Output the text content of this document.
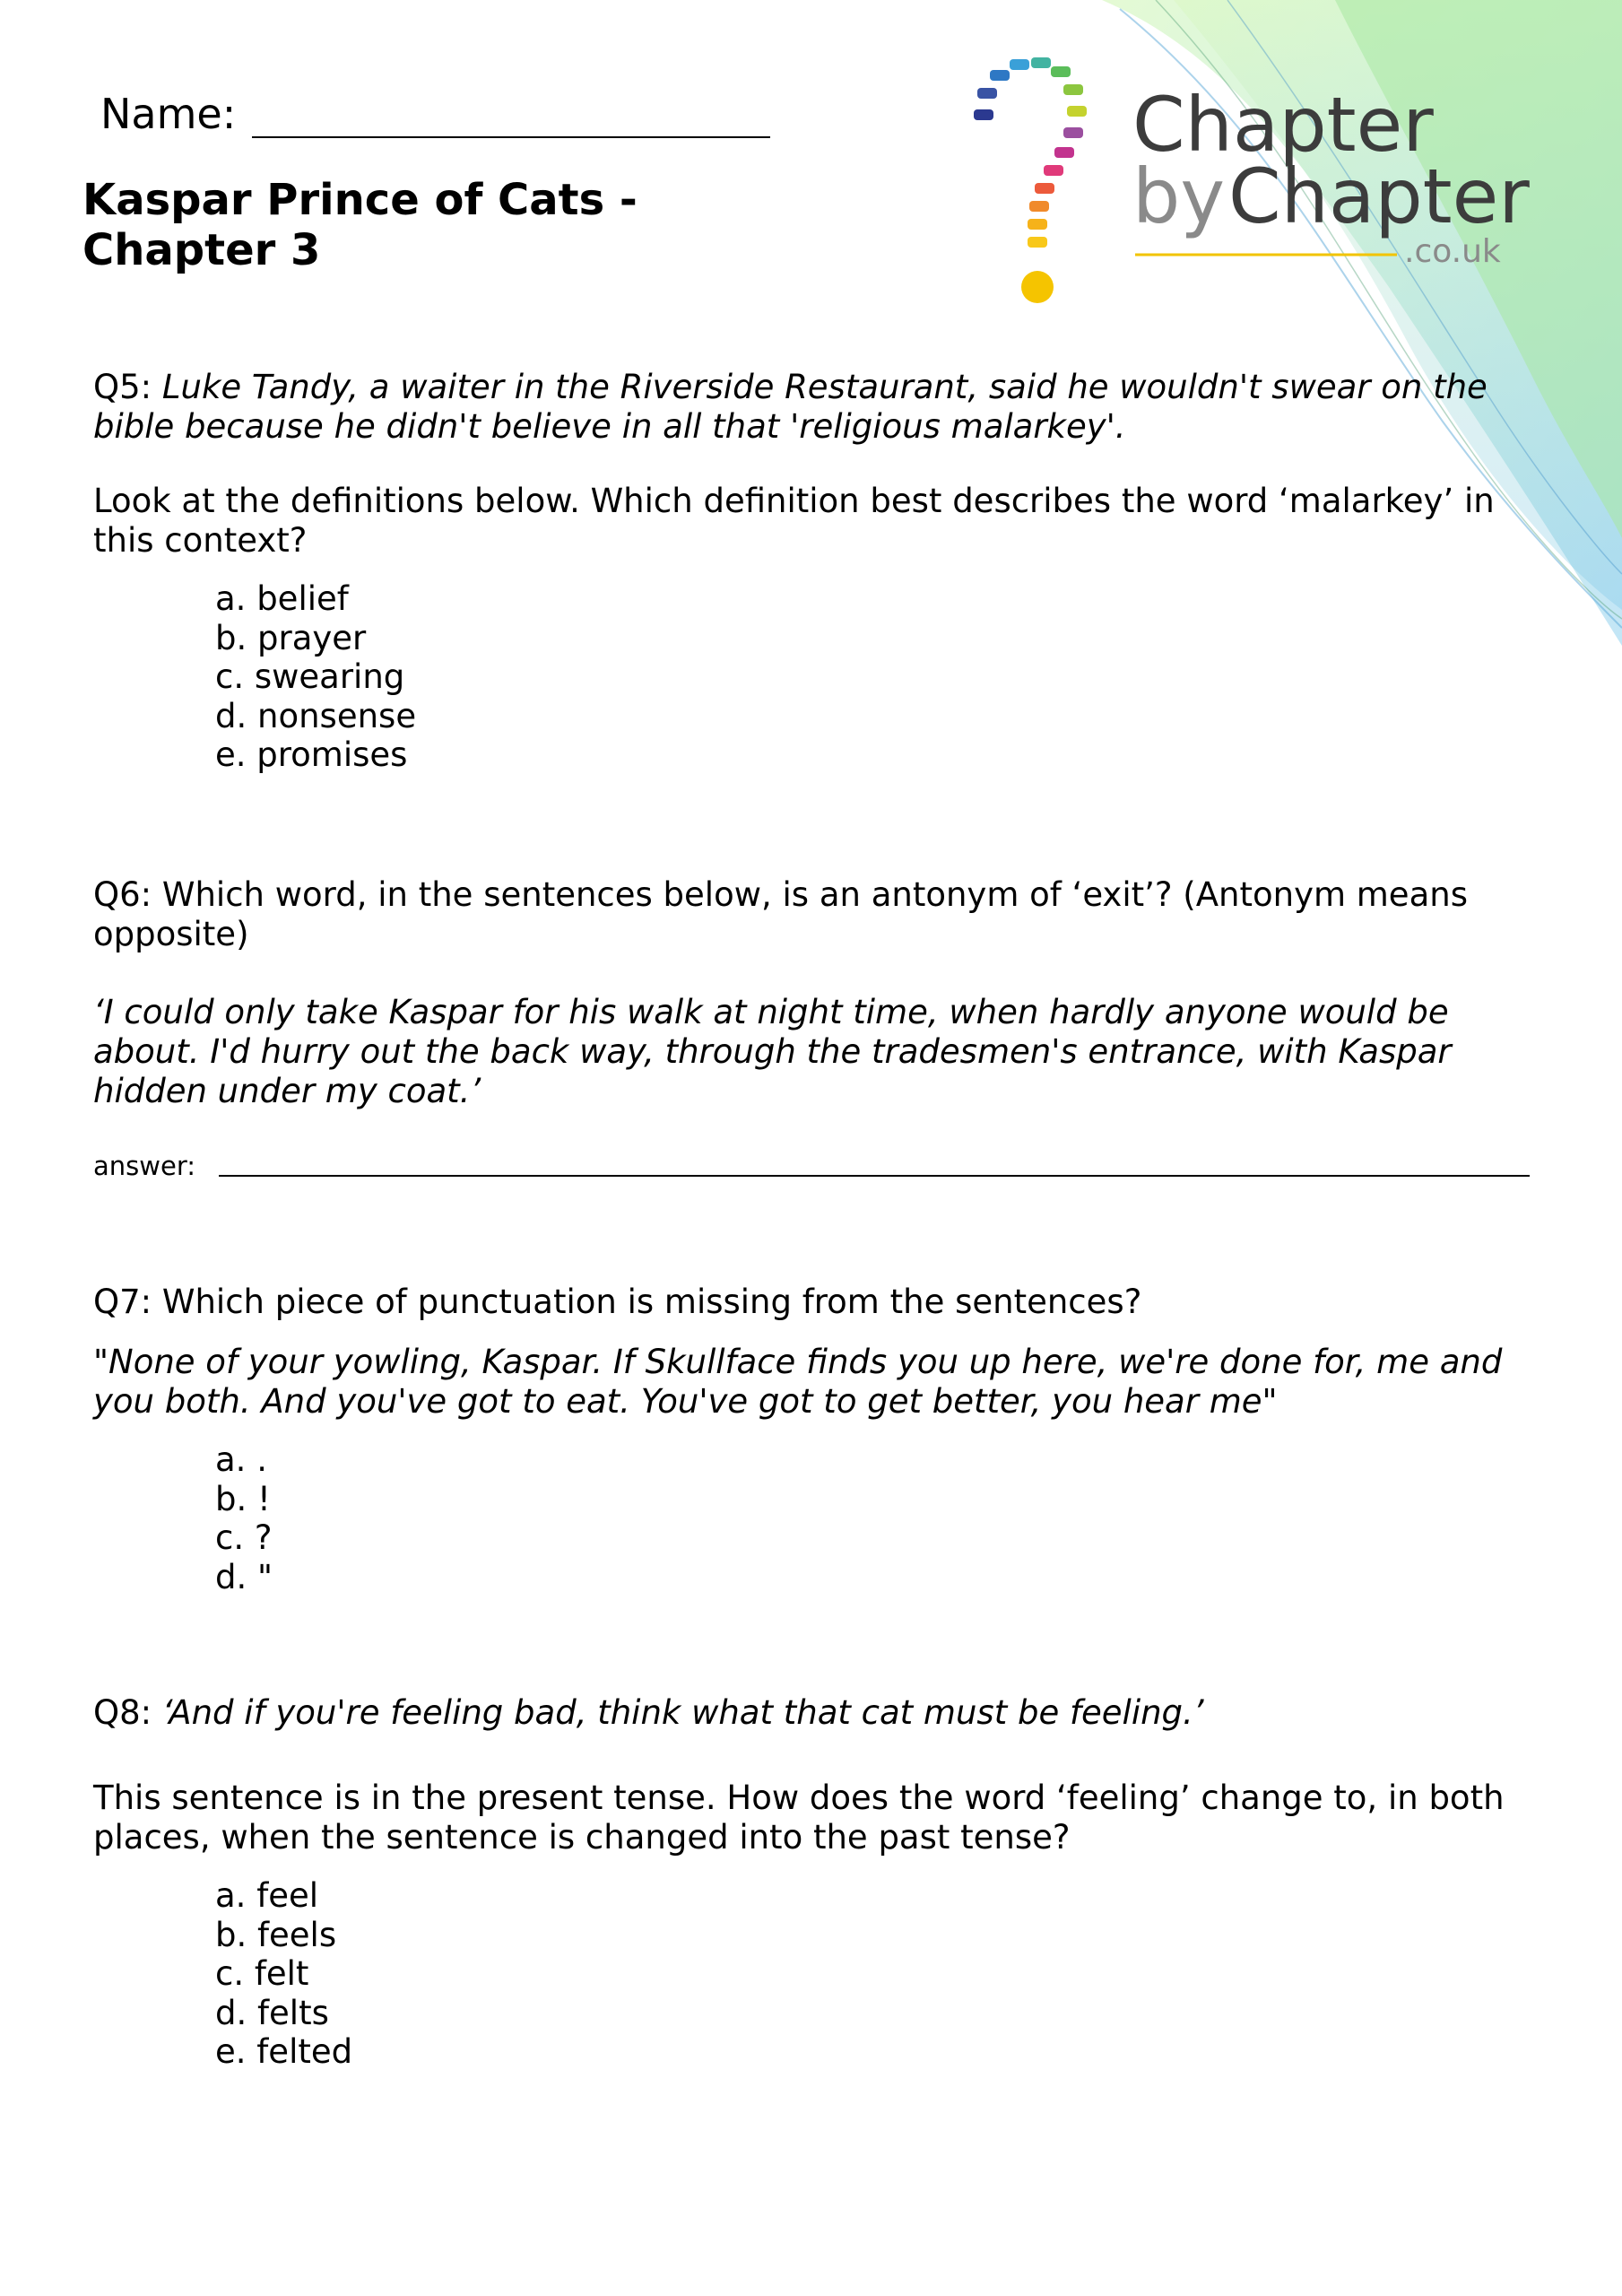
Name:
Kaspar Prince of Cats -
Chapter 3
Chapter
by Chapter
.co.uk
Q5: Luke Tandy, a waiter in the Riverside Restaurant, said he wouldn't swear on the
bible because he didn't believe in all that 'religious malarkey'.
Look at the definitions below. Which definition best describes the word ‘malarkey’ in
this context?
a. belief
b. prayer
c. swearing
d. nonsense
e. promises
Q6: Which word, in the sentences below, is an antonym of ‘exit’? (Antonym means
opposite)
‘I could only take Kaspar for his walk at night time, when hardly anyone would be
about. I'd hurry out the back way, through the tradesmen's entrance, with Kaspar
hidden under my coat.’
answer:
Q7: Which piece of punctuation is missing from the sentences?
"None of your yowling, Kaspar. If Skullface finds you up here, we're done for, me and
you both. And you've got to eat. You've got to get better, you hear me"
a. .
b. !
c. ?
d. "
Q8: ‘And if you're feeling bad, think what that cat must be feeling.’
This sentence is in the present tense. How does the word ‘feeling’ change to, in both
places, when the sentence is changed into the past tense?
a. feel
b. feels
c. felt
d. felts
e. felted
